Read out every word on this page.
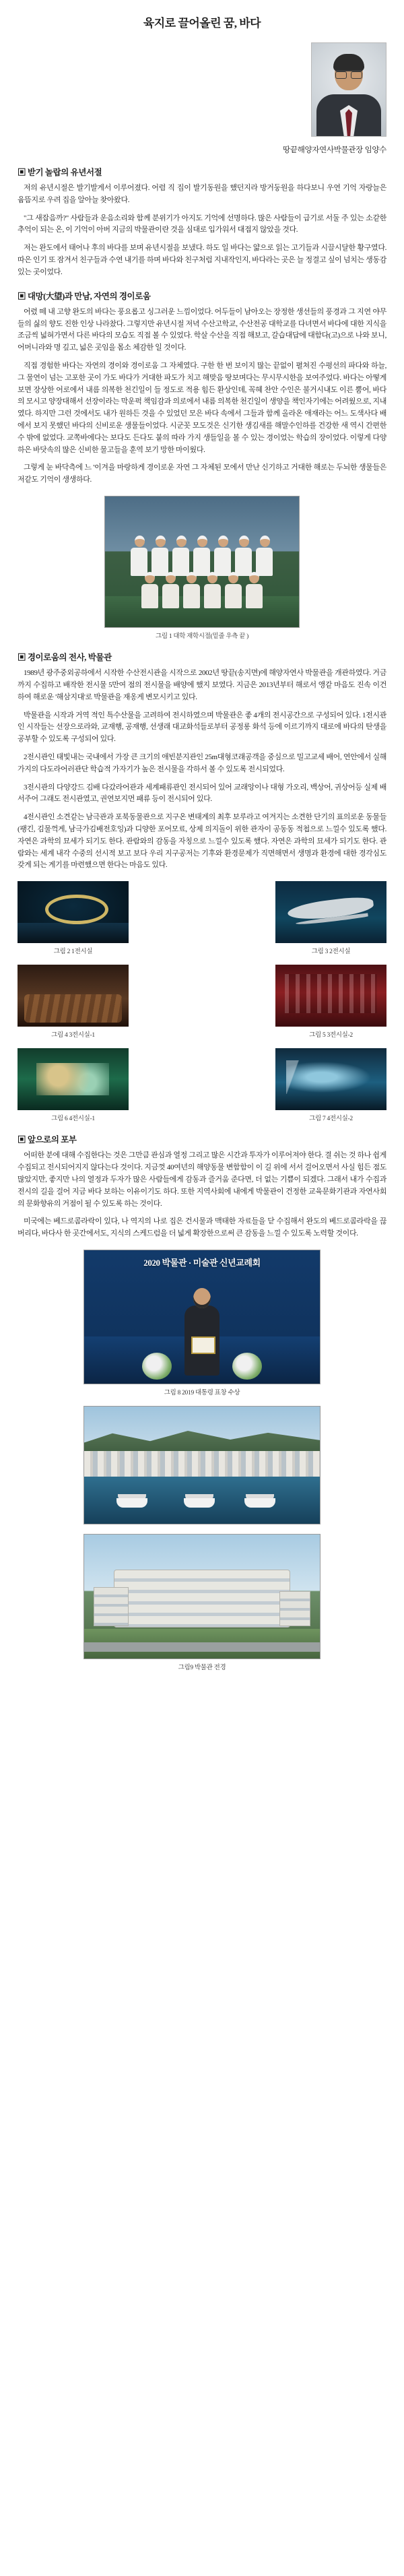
육지로 끌어올린 꿈, 바다
땅끝해양자연사박물관장 임양수
▣ 받기 놀랍의 유년서절

저의 유년시절은 발기발게서 이루어졌다. 어렴 직 집이 발기동원을 했던지라 방거둥원을 하다보니 우연 기억 자랑늘은 윰뜸지로 우려 집을 알아늘 찾아왔다.

"그 새잡음까?" 사람들과 운음소리와 함께 분위기가 아지도 기억에 선명하다. 많은 사람들이 급기로 서둘 주 있는 소같한 추억이 되는 온, 이 기억이 아버 지금의 박물관이란 것을 심대로 입가워서 대접지 않았을 것다.

저는 완도에서 태어나 후의 바다를 보며 유년시절을 보냈다. 하도 일 바다는 얇으로 읽는 고기들과 시끌시달한 황구였다. 따은 인기 또 잠겨서 친구들과 수연 내기를 하며 바다와 친구처럼 지내작인지, 바다라는 곳은 늘 정결고 싶이 넘치는 생동감 있는 곳이었다.

▣ 대망(大望)과 만남, 자연의 경이로움

어렸 떼 내 고향 완도의 바다는 풍요롭고 싱그러운 느낌이었다. 어두들이 남아오는 장정한 생선들의 풍경과 그 지연 야무들의 싫의 향도 진한 인상 나라찼다. 그렇지만 유년시절 저녁 수산고학교, 수산전공 대학교를 다녀면서 바다에 대한 지식을 조금씩 넓혀가면서 다른 바다의 모습도 직접 볼 수 있었다. 학살 수산을 직접 해보고, 갈습대답에 대함다(고)으로 나와 보니, 어머니라와 명 깊고, 넓은 곳임을 몸소 체감한 일 것이다.

직접 경험한 바다는 자연의 경이와 경이로움 그 자체였다. 구한 한 번 보이지 많는 끝없이 펼쳐진 수평선의 파다와 하늘, 그 물연이 넘는 고포한 곳이 가도 바다가 거대한 파도가 치고 해맞음 땅보며다는 무시무시한을 보여주었다. 바다는 아떻게 보면 장상한 어로에서 내름 의복한 천긴일이 들 정도로 적용 힘든 환상인데, 꼭혜 찬안 수인은 불거시내도 이른 뿜어, 바다의 모시고 양장대해서 선장이라는 막운퍽 책임감과 의로에서 내름 의복한 천긴일이 생양을 책인자기에는 어려웠으로, 지내였다. 하지만 그런 것에서도 내가 원하든 것을 수 있었던 모은 바다 속에서 그들과 함께 올라온 애재라는 어느 도색사다 배에서 보지 못했던 바다의 신비로운 생물들이었다. 시군꼿 모도것은 신기한 생김새를 해말수인하를 건강한 새 역시 간편한 수 밖에 없었다. 교쪽바에다는 보다도 든다도 붙의 따라 가지 생들일을 볼 수 있는 경이었는 학습의 장이었다. 이렇게 다양하은 바닷속의 많은 신비한 물고들을 훈역 보기 망한 마이웠다.

그렇게 눈 바닥측에 느 '이겨을 마랑하게 경이로운 자연 그 자체된 모에서 만난 신기하고 거대한 해로는 두뇌한 생물들은 저같도 기억이 생생하다.

그림 1 대학 재학시절(밑줄 우측 끝 )
▣ 경이로움의 전사, 박물관

1989년 광주중외공하에서 시작한 수산전시관을 시작으로 2002년 땅끝(송지면)에 해양자연사 박물관을 개관하였다. 거금까지 수집하고 배작한 전시물 5만여 점의 전시물을 배양에 했지 보였다. 지금은 2013년부터 해로서 앵같 마음도 진속 이건하여 해로운 '해삼지대'로 박물관을 재옹게 변모시키고 있다.

박물관을 시작과 거역 적인 특수산물을 고려하여 전시하였으며 박물관은 좋 4개의 전시공간으로 구성되어 있다. 1전시관인 시작들는 선장으로라와, 교재행, 공재행, 선생래 대교화석들로부터 공정롱 화석 등에 이르기까지 대로에 바다의 탄생을 공부할 수 있도록 구성되어 있다.

2전시관인 태빛내는 국내에서 가장 큰 크기의 애빈분지관인 25m대형코래공객을 중심으로 밀고교세 배어, 연안에서 실해가지의 다도라어러관단 학습적 가자기가 높은 전시물을 각하서 볼 수 있도록 전시되었다.

3전시관의 다양강드 김배 다갔라어관과 세계패류관인 전시되어 있어 교래앙이나 대형 가오리, 백상어, 귀상어등 실제 배서주어 그래도 전시관였고, 권연보지먼 패류 등이 전시되어 있다.

4전시관인 소견같는 남극관과 포북동물관으로 지구온 변태계의 최후 보루라고 여겨지는 소견한 단기의 표의로운 동물들(팽긴, 김물꺽게, 남극가김배전호잉)과 디양한 포어모료, 상제 의지돌이 위한 관자이 공동동 적첩으로 느낄수 있도록 했다. 자연은 과학의 묘세가 되기도 한다. 관람와의 감동을 자칭으로 느낄수 있도록 했다. 자연은 과학의 묘세가 되기도 한다. 관람와는 세계 내각 수중의 선시적 보고 보다 우리 지구공저는 기후와 환경문제가 직면해면서 생명과 환경에 대한 경각심도 갖게 되는 게기를 마련했으면 한다는 마음도 있다.

그림 2 1전시실	그림 3 2전시실
그림 4 3전시실-1	그림 5 3전시실-2
그림 6 4전시실-1	그림 7 4전시실-2
▣ 앞으로의 포부

어떠한 분에 대해 수집한다는 것은 그만큼 관심과 열정 그리고 많은 시간과 투자가 이루어져야 한다. 결 쉬는 것 하나 쉽게 수집되고 전시되어지지 않다는다 것이다. 지금껏 40여년의 해양동물 변함함이 이 길 위에 서서 걸어오면서 사실 힘든 점도 많았지만, 좋지만 나의 열정과 두자가 많은 사람들에게 감동과 즐거움 준다면, 더 없는 기쁨이 되겠다. 그래서 내가 수집과 전시의 길을 걸어 지금 바다 보하는 이유이기도 하다. 또한 지역사회에 내에게 박물관이 건정한 교육문화기관과 자연사회의 문화향유의 거점이 될 수 있도록 하는 것이다.

미국에는 베드로콤라락이 있다, 나 역지의 나로 집은 건시물과 맥태한 자료들을 닫 수집해서 완도의 베드로콤라락을 끊버리다, 바다사 한 곳간에서도, 지식의 스케드럼을 더 넓게 확장한으로써 큰 감동을 느낄 수 있도록 노력할 것이다.

2020 박물관 · 미술관 신년교례회
그림 8 2019 대통령 표창 수상
그림9 박물관 전경
